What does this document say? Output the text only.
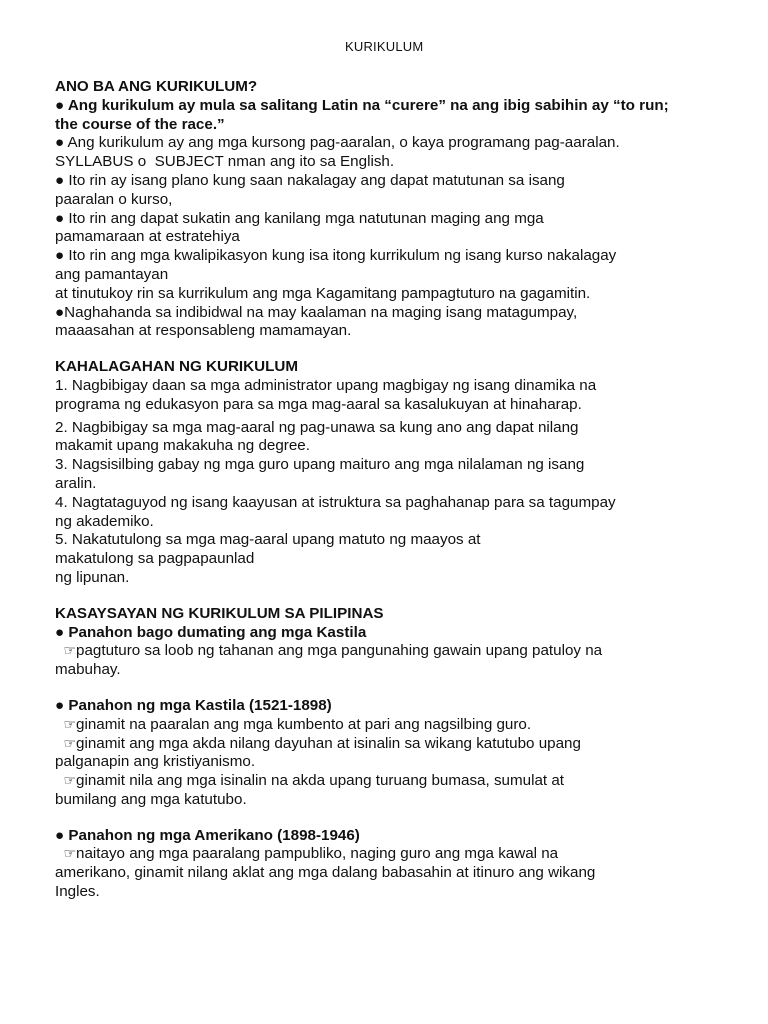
KURIKULUM

ANO BA ANG KURIKULUM?

● Ang kurikulum ay mula sa salitang Latin na “curere” na ang ibig sabihin ay “to run;

the course of the race.”

● Ang kurikulum ay ang mga kursong pag-aaralan, o kaya programang pag-aaralan.

SYLLABUS o  SUBJECT nman ang ito sa English.

● Ito rin ay isang plano kung saan nakalagay ang dapat matutunan sa isang

paaralan o kurso,

● Ito rin ang dapat sukatin ang kanilang mga natutunan maging ang mga

pamamaraan at estratehiya

● Ito rin ang mga kwalipikasyon kung isa itong kurrikulum ng isang kurso nakalagay

ang pamantayan

at tinutukoy rin sa kurrikulum ang mga Kagamitang pampagtuturo na gagamitin.

●Naghahanda sa indibidwal na may kaalaman na maging isang matagumpay,

maaasahan at responsableng mamamayan.

KAHALAGAHAN NG KURIKULUM

1. Nagbibigay daan sa mga administrator upang magbigay ng isang dinamika na

programa ng edukasyon para sa mga mag-aaral sa kasalukuyan at hinaharap.

2. Nagbibigay sa mga mag-aaral ng pag-unawa sa kung ano ang dapat nilang

makamit upang makakuha ng degree.

3. Nagsisilbing gabay ng mga guro upang maituro ang mga nilalaman ng isang

aralin.

4. Nagtataguyod ng isang kaayusan at istruktura sa paghahanap para sa tagumpay

ng akademiko.

5. Nakatutulong sa mga mag-aaral upang matuto ng maayos at

makatulong sa pagpapaunlad

ng lipunan.

KASAYSAYAN NG KURIKULUM SA PILIPINAS

● Panahon bago dumating ang mga Kastila

☞pagtuturo sa loob ng tahanan ang mga pangunahing gawain upang patuloy na

mabuhay.

● Panahon ng mga Kastila (1521-1898)

☞ginamit na paaralan ang mga kumbento at pari ang nagsilbing guro.

☞ginamit ang mga akda nilang dayuhan at isinalin sa wikang katutubo upang

palganapin ang kristiyanismo.

☞ginamit nila ang mga isinalin na akda upang turuang bumasa, sumulat at

bumilang ang mga katutubo.

● Panahon ng mga Amerikano (1898-1946)

☞naitayo ang mga paaralang pampubliko, naging guro ang mga kawal na

amerikano, ginamit nilang aklat ang mga dalang babasahin at itinuro ang wikang

Ingles.
